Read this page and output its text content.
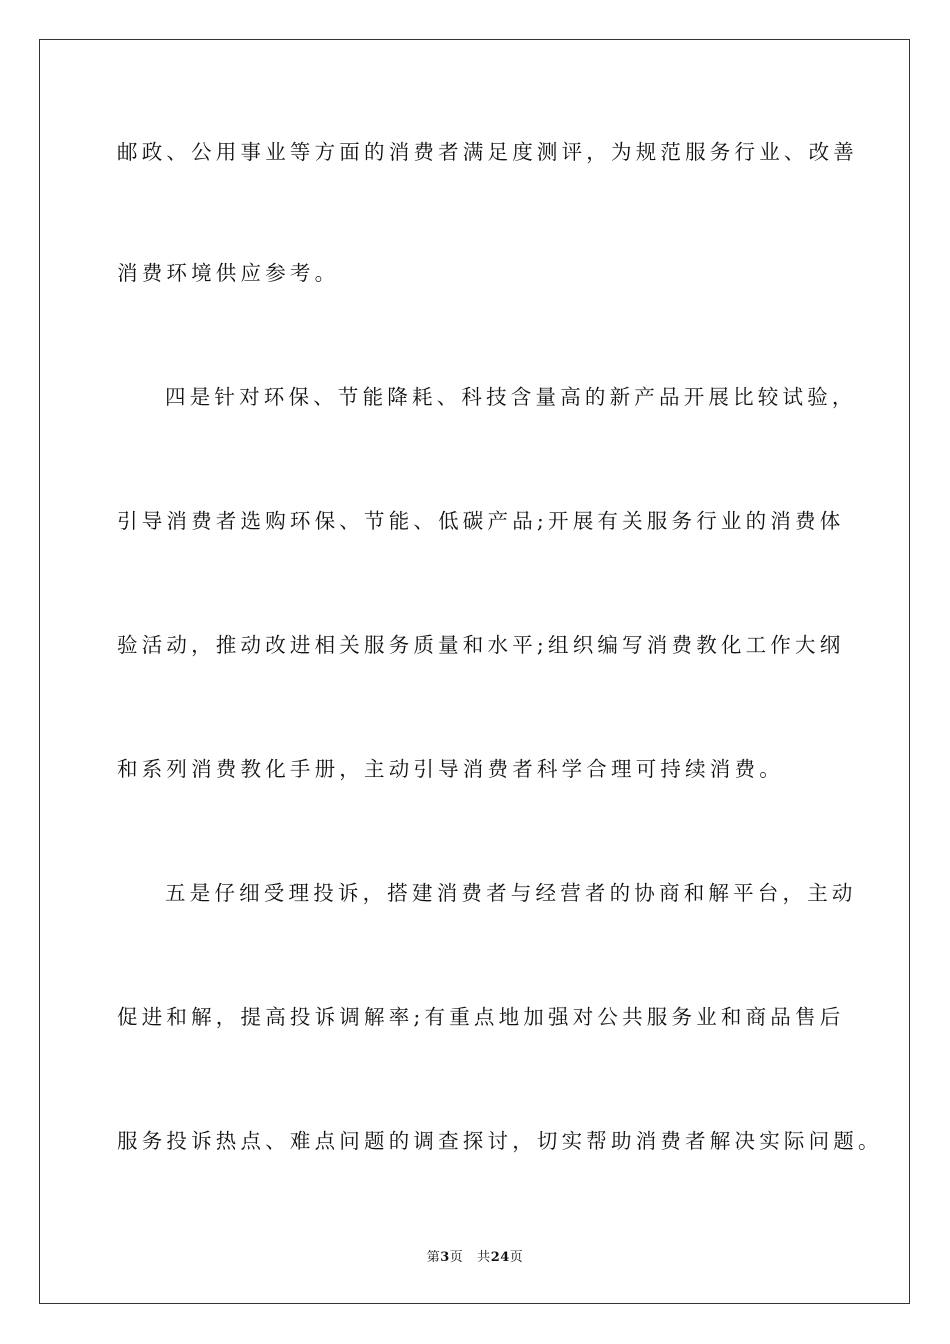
邮政、公用事业等方面的消费者满足度测评，为规范服务行业、改善
消费环境供应参考。
四是针对环保、节能降耗、科技含量高的新产品开展比较试验，
引导消费者选购环保、节能、低碳产品;开展有关服务行业的消费体
验活动，推动改进相关服务质量和水平;组织编写消费教化工作大纲
和系列消费教化手册，主动引导消费者科学合理可持续消费。
五是仔细受理投诉，搭建消费者与经营者的协商和解平台，主动
促进和解，提高投诉调解率;有重点地加强对公共服务业和商品售后
服务投诉热点、难点问题的调查探讨，切实帮助消费者解决实际问题。
第3页 共24页
